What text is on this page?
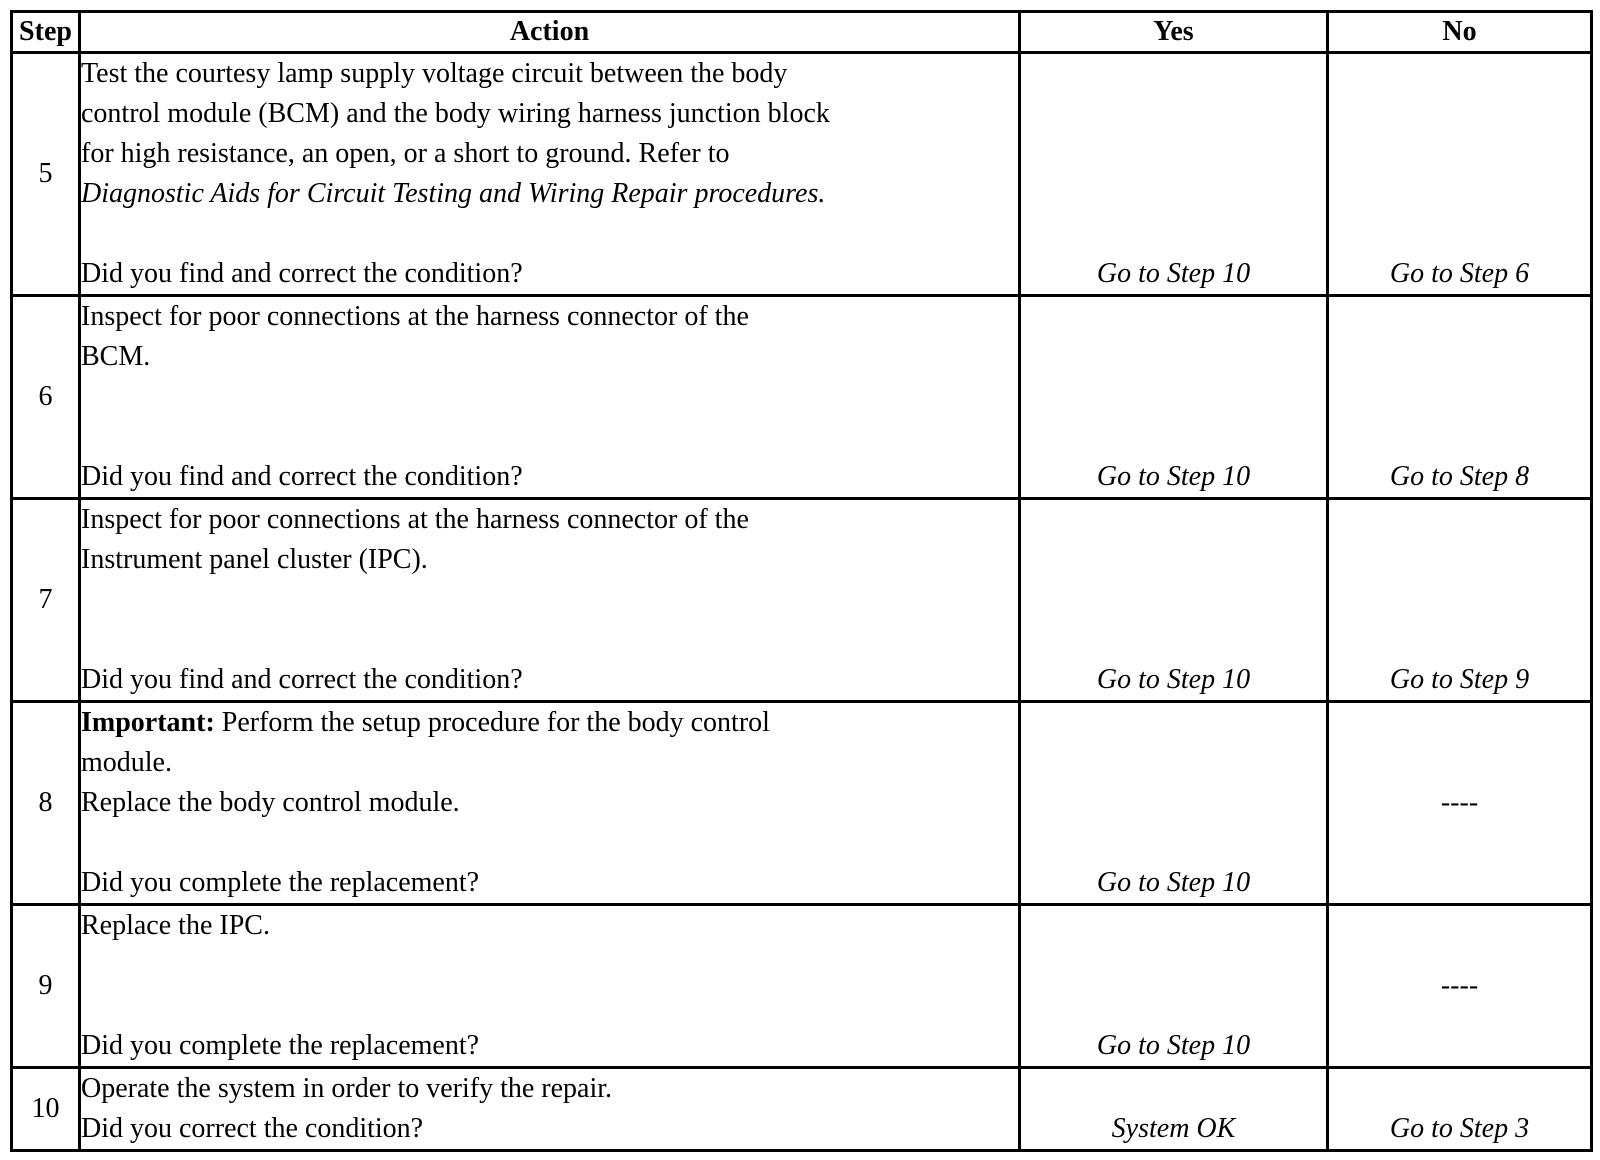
Step	Action	Yes	No
5	Test the courtesy lamp supply voltage circuit between the body
control module (BCM) and the body wiring harness junction block
for high resistance, an open, or a short to ground. Refer to
Diagnostic Aids for Circuit Testing and Wiring Repair procedures.
Did you find and correct the condition?	Go to Step 10	Go to Step 6
6	Inspect for poor connections at the harness connector of the
BCM.
Did you find and correct the condition?	Go to Step 10	Go to Step 8
7	Inspect for poor connections at the harness connector of the
Instrument panel cluster (IPC).
Did you find and correct the condition?	Go to Step 10	Go to Step 9
8	Important: Perform the setup procedure for the body control
module.
Replace the body control module.
Did you complete the replacement?	Go to Step 10	----
9	Replace the IPC.
Did you complete the replacement?	Go to Step 10	----
10	Operate the system in order to verify the repair.
Did you correct the condition?	System OK	Go to Step 3
